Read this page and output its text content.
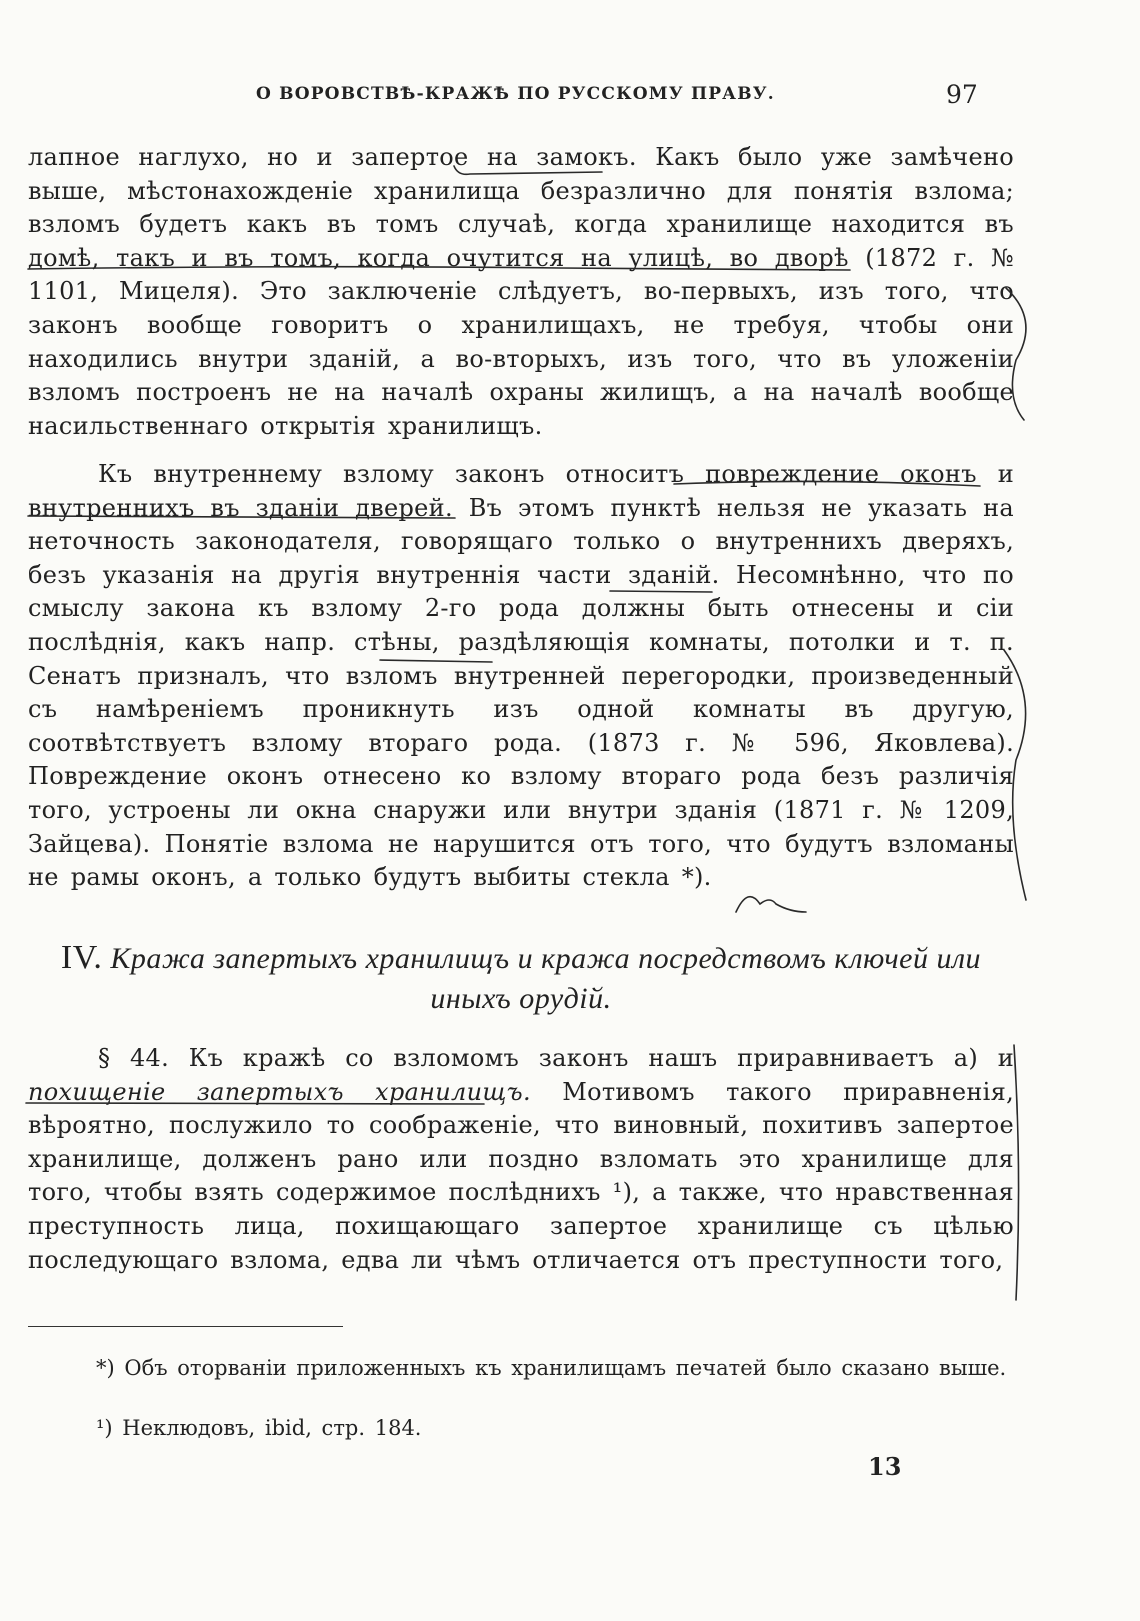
О ВОРОВСТВѢ-КРАЖѢ ПО РУССКОМУ ПРАВУ.	97
лапное наглухо, но и запертое на замокъ. Какъ было уже замѣчено выше, мѣстонахожденіе хранилища безразлично для понятія взлома; взломъ будетъ какъ въ томъ случаѣ, когда хранилище находится въ домѣ, такъ и въ томъ, когда очутится на улицѣ, во дворѣ (1872 г. № 1101, Мицеля). Это заключеніе слѣдуетъ, во-первыхъ, изъ того, что законъ вообще говоритъ о хранилищахъ, не требуя, чтобы они находились внутри зданій, а во-вторыхъ, изъ того, что въ уложеніи взломъ построенъ не на началѣ охраны жилищъ, а на началѣ вообще насильственнаго открытія хранилищъ.
Къ внутреннему взлому законъ относитъ повреждение оконъ и внутреннихъ въ зданіи дверей. Въ этомъ пунктѣ нельзя не указать на неточность законодателя, говорящаго только о внутреннихъ дверяхъ, безъ указанія на другія внутреннія части зданій. Несомнѣнно, что по смыслу закона къ взлому 2-го рода должны быть отнесены и сіи послѣднія, какъ напр. стѣны, раздѣляющія комнаты, потолки и т. п. Сенатъ призналъ, что взломъ внутренней перегородки, произведенный съ намѣреніемъ проникнуть изъ одной комнаты въ другую, соотвѣтствуетъ взлому втораго рода. (1873 г. № 596, Яковлева). Повреждение оконъ отнесено ко взлому втораго рода безъ различія того, устроены ли окна снаружи или внутри зданія (1871 г. № 1209, Зайцева). Понятіе взлома не нарушится отъ того, что будутъ взломаны не рамы оконъ, а только будутъ выбиты стекла *).
IV. Кража запертыхъ хранилищъ и кража посредствомъ ключей или иныхъ орудій.
§ 44. Къ кражѣ со взломомъ законъ нашъ приравниваетъ а) и похищеніе запертыхъ хранилищъ. Мотивомъ такого приравненія, вѣроятно, послужило то соображеніе, что виновный, похитивъ запертое хранилище, долженъ рано или поздно взломать это хранилище для того, чтобы взять содержимое послѣднихъ ¹), а также, что нравственная преступность лица, похищающаго запертое хранилище съ цѣлью последующаго взлома, едва ли чѣмъ отличается отъ преступности того,
*) Объ оторваніи приложенныхъ къ хранилищамъ печатей было сказано выше.
¹) Неклюдовъ, ibid, стр. 184.
13
